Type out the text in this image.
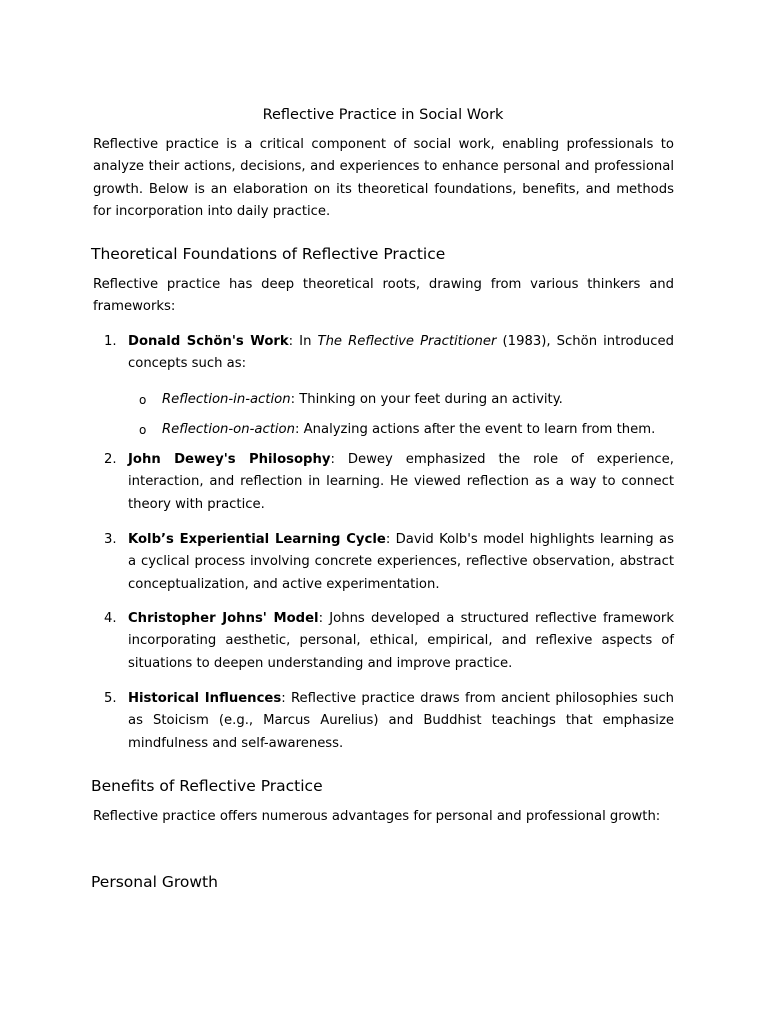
Reflective Practice in Social Work

Reflective practice is a critical component of social work, enabling professionals to analyze their actions, decisions, and experiences to enhance personal and professional growth. Below is an elaboration on its theoretical foundations, benefits, and methods for incorporation into daily practice.

Theoretical Foundations of Reflective Practice

Reflective practice has deep theoretical roots, drawing from various thinkers and frameworks:

1. Donald Schön's Work: In The Reflective Practitioner (1983), Schön introduced concepts such as:

o Reflection-in-action: Thinking on your feet during an activity.

o Reflection-on-action: Analyzing actions after the event to learn from them.

2. John Dewey's Philosophy: Dewey emphasized the role of experience, interaction, and reflection in learning. He viewed reflection as a way to connect theory with practice.

3. Kolb’s Experiential Learning Cycle: David Kolb's model highlights learning as a cyclical process involving concrete experiences, reflective observation, abstract conceptualization, and active experimentation.

4. Christopher Johns' Model: Johns developed a structured reflective framework incorporating aesthetic, personal, ethical, empirical, and reflexive aspects of situations to deepen understanding and improve practice.

5. Historical Influences: Reflective practice draws from ancient philosophies such as Stoicism (e.g., Marcus Aurelius) and Buddhist teachings that emphasize mindfulness and self-awareness.

Benefits of Reflective Practice

Reflective practice offers numerous advantages for personal and professional growth:

Personal Growth
